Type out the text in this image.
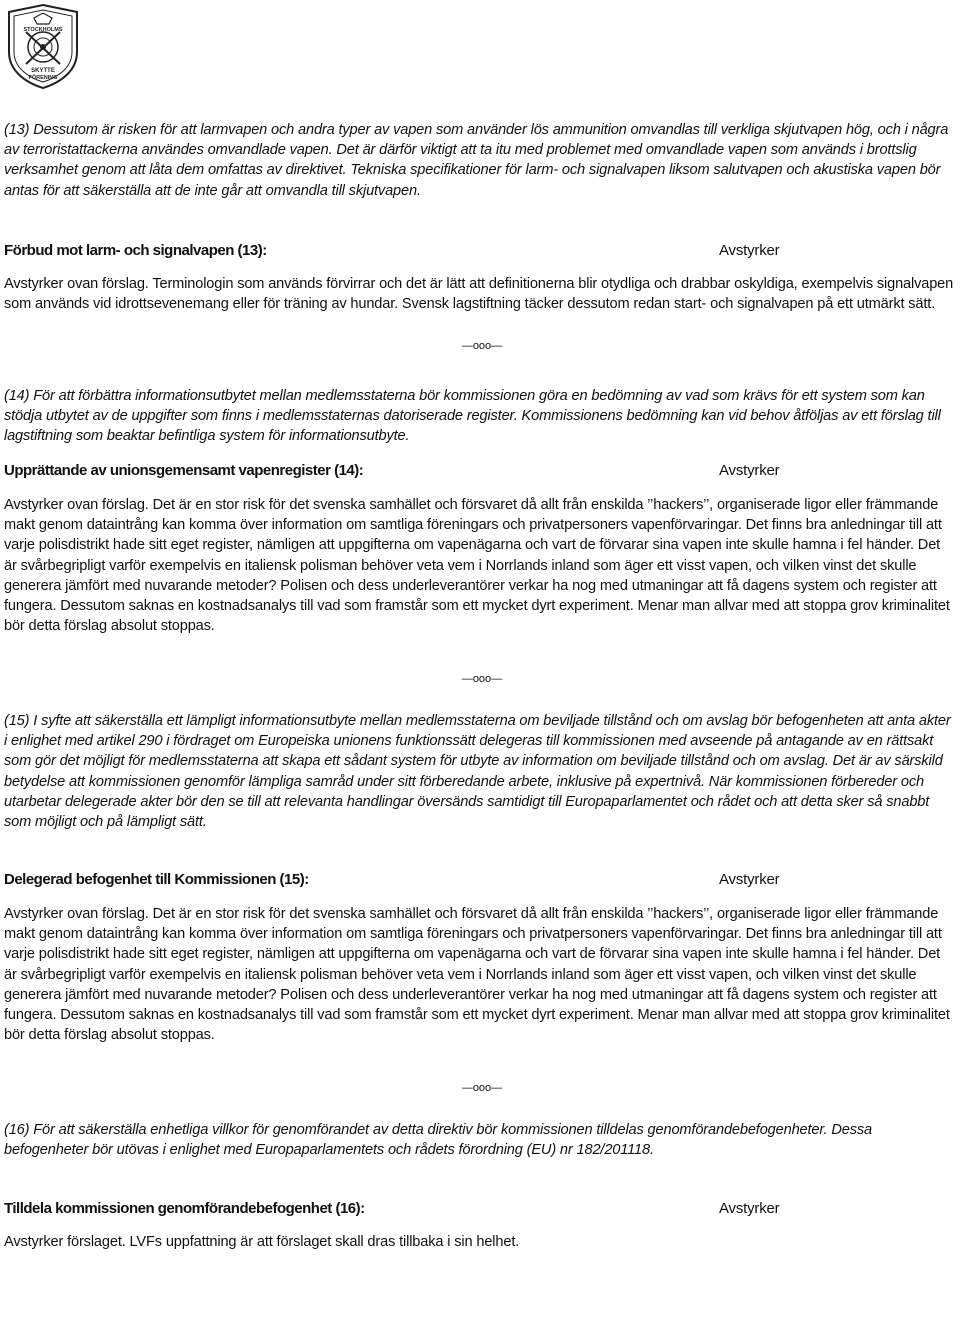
STOCKHOLMS
SKYTTE
FÖRENING

(13) Dessutom är risken för att larmvapen och andra typer av vapen som använder lös ammunition omvandlas till verkliga skjutvapen hög, och i några av terroristattackerna användes omvandlade vapen. Det är därför viktigt att ta itu med problemet med omvandlade vapen som används i brottslig verksamhet genom att låta dem omfattas av direktivet. Tekniska specifikationer för larm- och signalvapen liksom salutvapen och akustiska vapen bör antas för att säkerställa att de inte går att omvandla till skjutvapen.

Förbud mot larm- och signalvapen (13):	Avstyrker

Avstyrker ovan förslag. Terminologin som används förvirrar och det är lätt att definitionerna blir otydliga och drabbar oskyldiga, exempelvis signalvapen som används vid idrottsevenemang eller för träning av hundar. Svensk lagstiftning täcker dessutom redan start- och signalvapen på ett utmärkt sätt.

—ooo—

(14) För att förbättra informationsutbytet mellan medlemsstaterna bör kommissionen göra en bedömning av vad som krävs för ett system som kan stödja utbytet av de uppgifter som finns i medlemsstaternas datoriserade register. Kommissionens bedömning kan vid behov åtföljas av ett förslag till lagstiftning som beaktar befintliga system för informationsutbyte.

Upprättande av unionsgemensamt vapenregister (14):	Avstyrker

Avstyrker ovan förslag. Det är en stor risk för det svenska samhället och försvaret då allt från enskilda ’’hackers’’, organiserade ligor eller främmande makt genom dataintrång kan komma över information om samtliga föreningars och privatpersoners vapenförvaringar. Det finns bra anledningar till att varje polisdistrikt hade sitt eget register, nämligen att uppgifterna om vapenägarna och vart de förvarar sina vapen inte skulle hamna i fel händer. Det är svårbegripligt varför exempelvis en italiensk polisman behöver veta vem i Norrlands inland som äger ett visst vapen, och vilken vinst det skulle generera jämfört med nuvarande metoder? Polisen och dess underleverantörer verkar ha nog med utmaningar att få dagens system och register att fungera. Dessutom saknas en kostnadsanalys till vad som framstår som ett mycket dyrt experiment. Menar man allvar med att stoppa grov kriminalitet bör detta förslag absolut stoppas.

—ooo—

(15) I syfte att säkerställa ett lämpligt informationsutbyte mellan medlemsstaterna om beviljade tillstånd och om avslag bör befogenheten att anta akter i enlighet med artikel 290 i fördraget om Europeiska unionens funktionssätt delegeras till kommissionen med avseende på antagande av en rättsakt som gör det möjligt för medlemsstaterna att skapa ett sådant system för utbyte av information om beviljade tillstånd och om avslag. Det är av särskild betydelse att kommissionen genomför lämpliga samråd under sitt förberedande arbete, inklusive på expertnivå. När kommissionen förbereder och utarbetar delegerade akter bör den se till att relevanta handlingar översänds samtidigt till Europaparlamentet och rådet och att detta sker så snabbt som möjligt och på lämpligt sätt.

Delegerad befogenhet till Kommissionen (15):	Avstyrker

Avstyrker ovan förslag. Det är en stor risk för det svenska samhället och försvaret då allt från enskilda ’’hackers’’, organiserade ligor eller främmande makt genom dataintrång kan komma över information om samtliga föreningars och privatpersoners vapenförvaringar. Det finns bra anledningar till att varje polisdistrikt hade sitt eget register, nämligen att uppgifterna om vapenägarna och vart de förvarar sina vapen inte skulle hamna i fel händer. Det är svårbegripligt varför exempelvis en italiensk polisman behöver veta vem i Norrlands inland som äger ett visst vapen, och vilken vinst det skulle generera jämfört med nuvarande metoder? Polisen och dess underleverantörer verkar ha nog med utmaningar att få dagens system och register att fungera. Dessutom saknas en kostnadsanalys till vad som framstår som ett mycket dyrt experiment. Menar man allvar med att stoppa grov kriminalitet bör detta förslag absolut stoppas.

—ooo—

(16) För att säkerställa enhetliga villkor för genomförandet av detta direktiv bör kommissionen tilldelas genomförandebefogenheter. Dessa befogenheter bör utövas i enlighet med Europaparlamentets och rådets förordning (EU) nr 182/201118.

Tilldela kommissionen genomförandebefogenhet (16):	Avstyrker

Avstyrker förslaget. LVFs uppfattning är att förslaget skall dras tillbaka i sin helhet.
